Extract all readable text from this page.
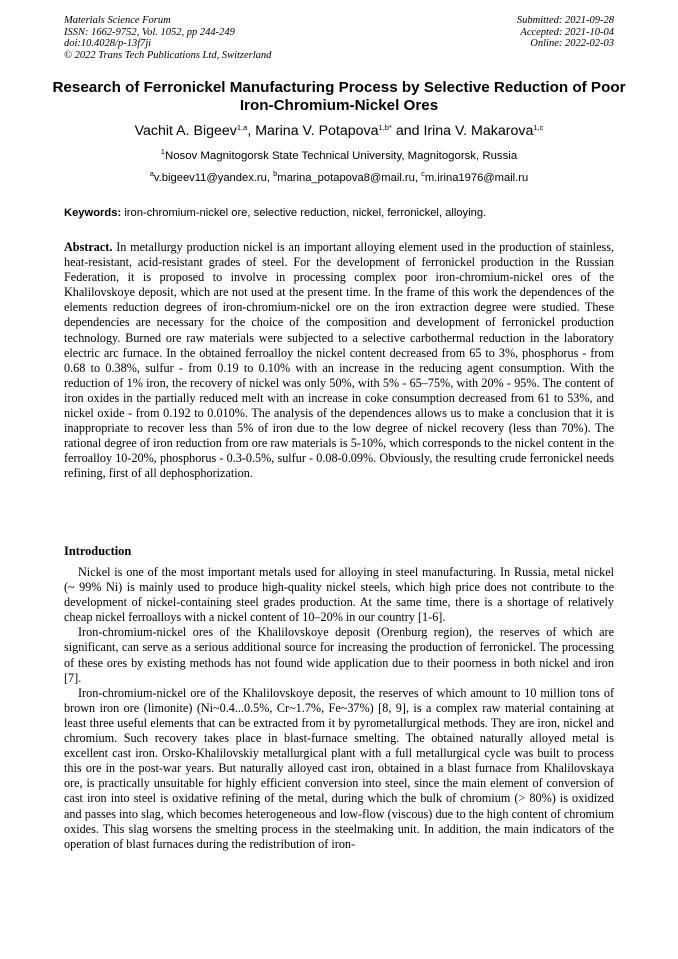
Materials Science Forum
ISSN: 1662-9752, Vol. 1052, pp 244-249
doi:10.4028/p-13f7ji
© 2022 Trans Tech Publications Ltd, Switzerland
Submitted: 2021-09-28
Accepted: 2021-10-04
Online: 2022-02-03
Research of Ferronickel Manufacturing Process by Selective Reduction of Poor Iron-Chromium-Nickel Ores
Vachit A. Bigeev$^{1,a}$, Marina V. Potapova$^{1,b*}$ and Irina V. Makarova$^{1,c}$
$^1$Nosov Magnitogorsk State Technical University, Magnitogorsk, Russia
$^a$v.bigeev11@yandex.ru, $^b$marina_potapova8@mail.ru, $^c$m.irina1976@mail.ru
Keywords: iron-chromium-nickel ore, selective reduction, nickel, ferronickel, alloying.
Abstract. In metallurgy production nickel is an important alloying element used in the production of stainless, heat-resistant, acid-resistant grades of steel. For the development of ferronickel production in the Russian Federation, it is proposed to involve in processing complex poor iron-chromium-nickel ores of the Khalilovskoye deposit, which are not used at the present time. In the frame of this work the dependences of the elements reduction degrees of iron-chromium-nickel ore on the iron extraction degree were studied. These dependencies are necessary for the choice of the composition and development of ferronickel production technology. Burned ore raw materials were subjected to a selective carbothermal reduction in the laboratory electric arc furnace. In the obtained ferroalloy the nickel content decreased from 65 to 3%, phosphorus - from 0.68 to 0.38%, sulfur - from 0.19 to 0.10% with an increase in the reducing agent consumption. With the reduction of 1% iron, the recovery of nickel was only 50%, with 5% - 65–75%, with 20% - 95%. The content of iron oxides in the partially reduced melt with an increase in coke consumption decreased from 61 to 53%, and nickel oxide - from 0.192 to 0.010%. The analysis of the dependences allows us to make a conclusion that it is inappropriate to recover less than 5% of iron due to the low degree of nickel recovery (less than 70%). The rational degree of iron reduction from ore raw materials is 5-10%, which corresponds to the nickel content in the ferroalloy 10-20%, phosphorus - 0.3-0.5%, sulfur - 0.08-0.09%. Obviously, the resulting crude ferronickel needs refining, first of all dephosphorization.
Introduction

Nickel is one of the most important metals used for alloying in steel manufacturing. In Russia, metal nickel (~ 99% Ni) is mainly used to produce high-quality nickel steels, which high price does not contribute to the development of nickel-containing steel grades production. At the same time, there is a shortage of relatively cheap nickel ferroalloys with a nickel content of 10–20% in our country [1-6].

Iron-chromium-nickel ores of the Khalilovskoye deposit (Orenburg region), the reserves of which are significant, can serve as a serious additional source for increasing the production of ferronickel. The processing of these ores by existing methods has not found wide application due to their poorness in both nickel and iron [7].

Iron-chromium-nickel ore of the Khalilovskoye deposit, the reserves of which amount to 10 million tons of brown iron ore (limonite) (Ni~0.4...0.5%, Cr~1.7%, Fe~37%) [8, 9], is a complex raw material containing at least three useful elements that can be extracted from it by pyrometallurgical methods. They are iron, nickel and chromium. Such recovery takes place in blast-furnace smelting. The obtained naturally alloyed metal is excellent cast iron. Orsko-Khalilovskiy metallurgical plant with a full metallurgical cycle was built to process this ore in the post-war years. But naturally alloyed cast iron, obtained in a blast furnace from Khalilovskaya ore, is practically unsuitable for highly efficient conversion into steel, since the main element of conversion of cast iron into steel is oxidative refining of the metal, during which the bulk of chromium (> 80%) is oxidized and passes into slag, which becomes heterogeneous and low-flow (viscous) due to the high content of chromium oxides. This slag worsens the smelting process in the steelmaking unit. In addition, the main indicators of the operation of blast furnaces during the redistribution of iron-
